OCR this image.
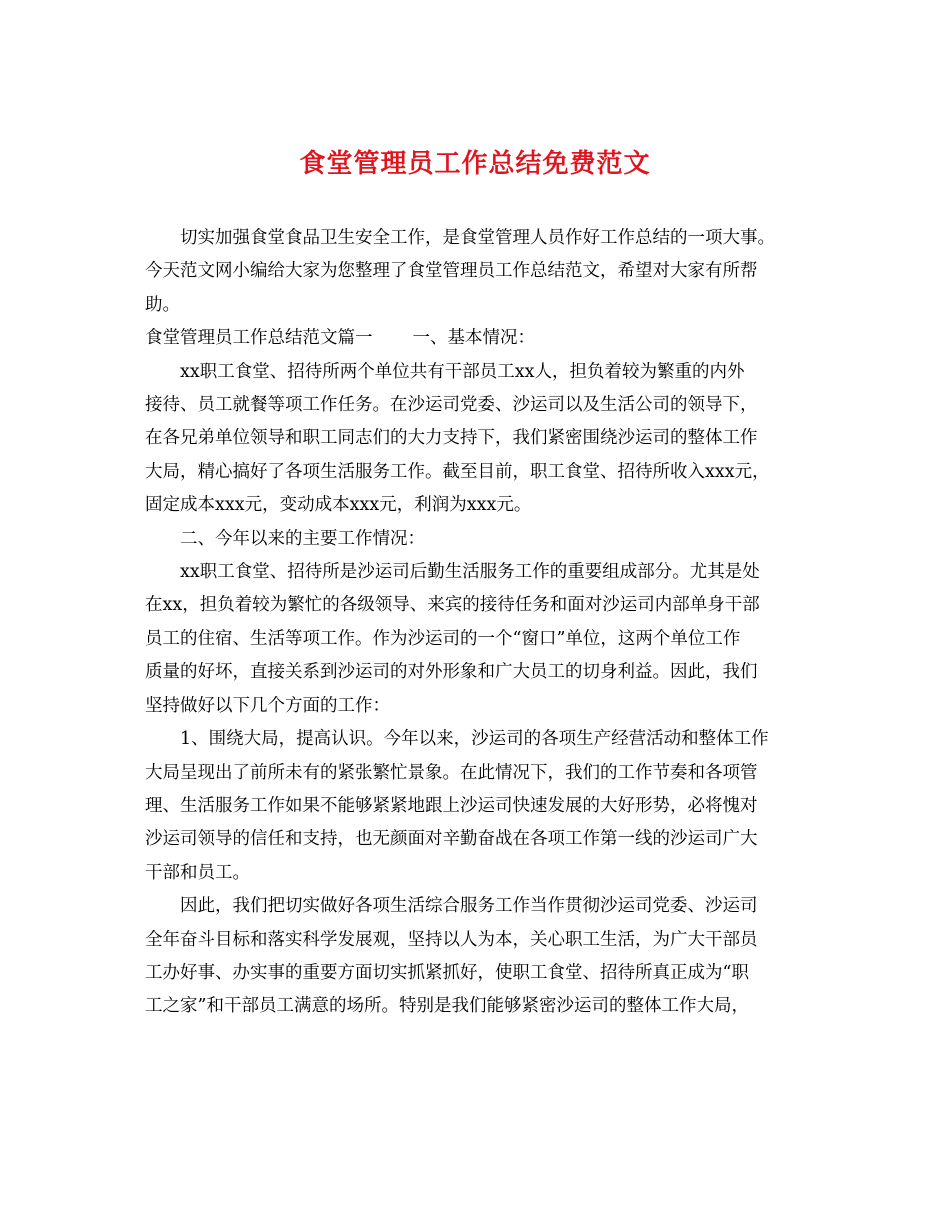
食堂管理员工作总结免费范文

切实加强食堂食品卫生安全工作，是食堂管理人员作好工作总结的一项大事。
今天范文网小编给大家为您整理了食堂管理员工作总结范文，希望对大家有所帮
助。

食堂管理员工作总结范文篇一 一、基本情况：

xx职工食堂、招待所两个单位共有干部员工xx人，担负着较为繁重的内外
接待、员工就餐等项工作任务。在沙运司党委、沙运司以及生活公司的领导下，
在各兄弟单位领导和职工同志们的大力支持下，我们紧密围绕沙运司的整体工作
大局，精心搞好了各项生活服务工作。截至目前，职工食堂、招待所收入xxx元，
固定成本xxx元，变动成本xxx元，利润为xxx元。

二、今年以来的主要工作情况：

xx职工食堂、招待所是沙运司后勤生活服务工作的重要组成部分。尤其是处
在xx，担负着较为繁忙的各级领导、来宾的接待任务和面对沙运司内部单身干部
员工的住宿、生活等项工作。作为沙运司的一个“窗口”单位，这两个单位工作
质量的好坏，直接关系到沙运司的对外形象和广大员工的切身利益。因此，我们
坚持做好以下几个方面的工作：

1、围绕大局，提高认识。今年以来，沙运司的各项生产经营活动和整体工作
大局呈现出了前所未有的紧张繁忙景象。在此情况下，我们的工作节奏和各项管
理、生活服务工作如果不能够紧紧地跟上沙运司快速发展的大好形势，必将愧对
沙运司领导的信任和支持，也无颜面对辛勤奋战在各项工作第一线的沙运司广大
干部和员工。

因此，我们把切实做好各项生活综合服务工作当作贯彻沙运司党委、沙运司
全年奋斗目标和落实科学发展观，坚持以人为本，关心职工生活，为广大干部员
工办好事、办实事的重要方面切实抓紧抓好，使职工食堂、招待所真正成为“职
工之家”和干部员工满意的场所。特别是我们能够紧密沙运司的整体工作大局，
